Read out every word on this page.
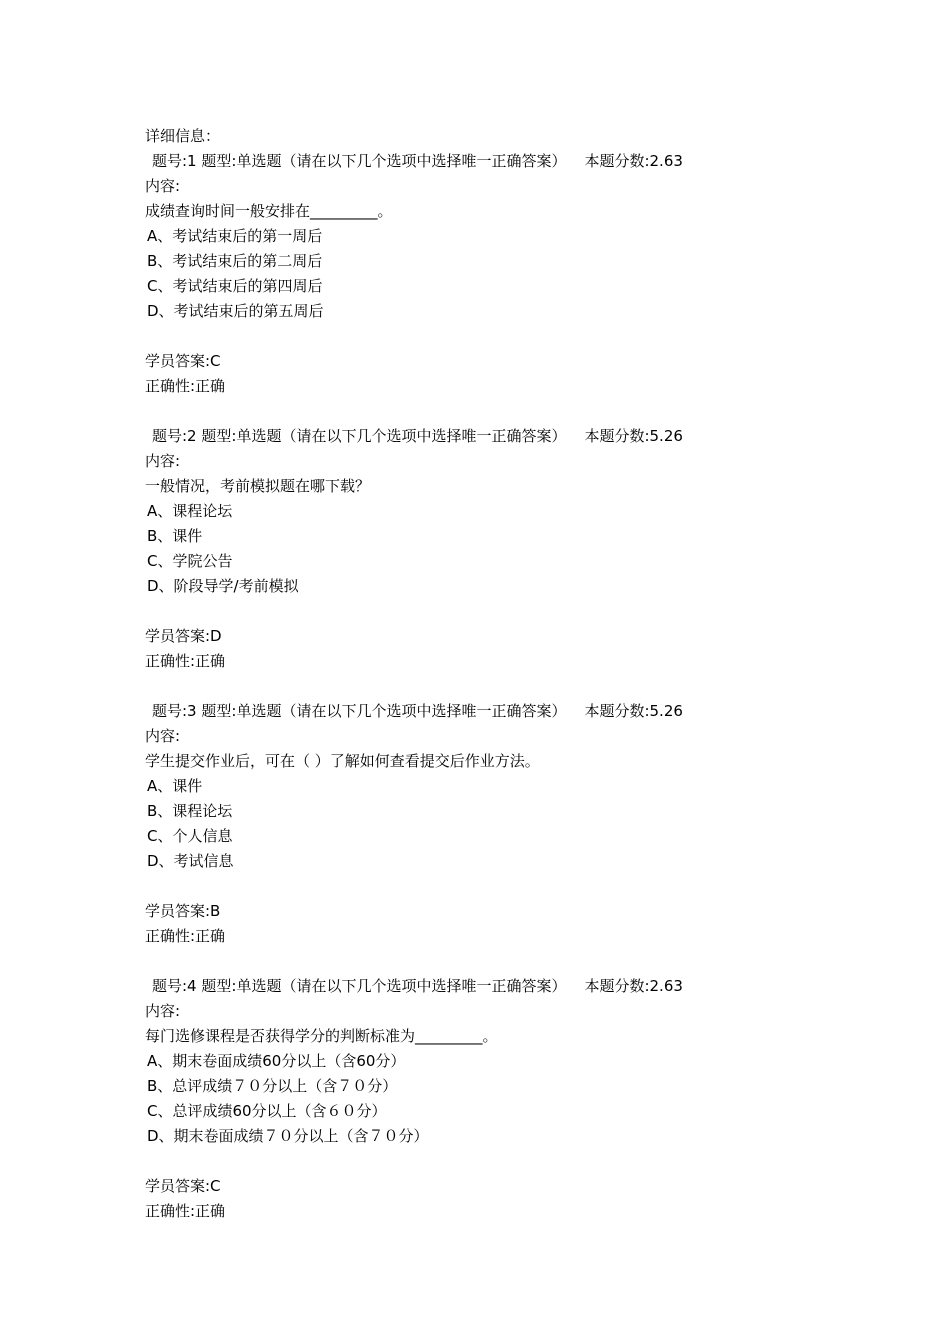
详细信息：
题号:1 题型:单选题（请在以下几个选项中选择唯一正确答案） 本题分数:2.63
内容:
成绩查询时间一般安排在_________。
A、考试结束后的第一周后
B、考试结束后的第二周后
C、考试结束后的第四周后
D、考试结束后的第五周后
学员答案:C
正确性:正确
题号:2 题型:单选题（请在以下几个选项中选择唯一正确答案） 本题分数:5.26
内容:
一般情况，考前模拟题在哪下载？
A、课程论坛
B、课件
C、学院公告
D、阶段导学/考前模拟
学员答案:D
正确性:正确
题号:3 题型:单选题（请在以下几个选项中选择唯一正确答案） 本题分数:5.26
内容:
学生提交作业后，可在（ ）了解如何查看提交后作业方法。
A、课件
B、课程论坛
C、个人信息
D、考试信息
学员答案:B
正确性:正确
题号:4 题型:单选题（请在以下几个选项中选择唯一正确答案） 本题分数:2.63
内容:
每门选修课程是否获得学分的判断标准为_________。
A、期末卷面成绩60分以上（含60分）
B、总评成绩７０分以上（含７０分）
C、总评成绩60分以上（含６０分）
D、期末卷面成绩７０分以上（含７０分）
学员答案:C
正确性:正确
